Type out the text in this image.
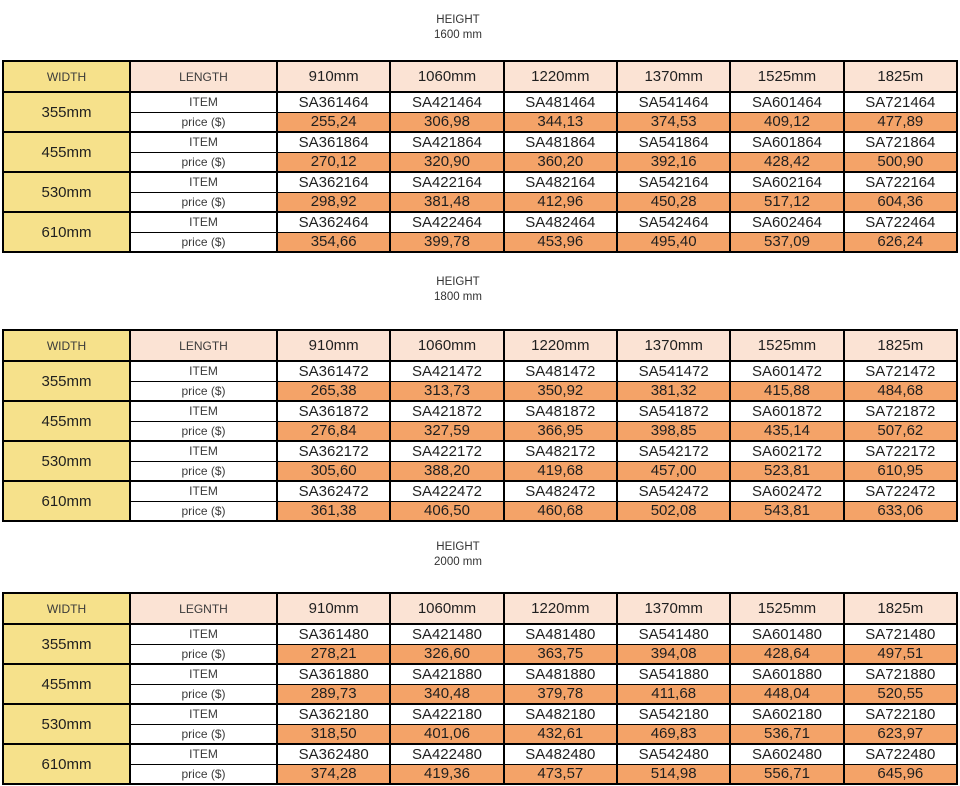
HEIGHT
1600 mm
WIDTH	LENGTH	910mm	1060mm	1220mm	1370mm	1525mm	1825m
355mm	ITEM	SA361464	SA421464	SA481464	SA541464	SA601464	SA721464
	price ($)	255,24	306,98	344,13	374,53	409,12	477,89
455mm	ITEM	SA361864	SA421864	SA481864	SA541864	SA601864	SA721864
	price ($)	270,12	320,90	360,20	392,16	428,42	500,90
530mm	ITEM	SA362164	SA422164	SA482164	SA542164	SA602164	SA722164
	price ($)	298,92	381,48	412,96	450,28	517,12	604,36
610mm	ITEM	SA362464	SA422464	SA482464	SA542464	SA602464	SA722464
	price ($)	354,66	399,78	453,96	495,40	537,09	626,24
HEIGHT
1800 mm
WIDTH	LENGTH	910mm	1060mm	1220mm	1370mm	1525mm	1825m
355mm	ITEM	SA361472	SA421472	SA481472	SA541472	SA601472	SA721472
	price ($)	265,38	313,73	350,92	381,32	415,88	484,68
455mm	ITEM	SA361872	SA421872	SA481872	SA541872	SA601872	SA721872
	price ($)	276,84	327,59	366,95	398,85	435,14	507,62
530mm	ITEM	SA362172	SA422172	SA482172	SA542172	SA602172	SA722172
	price ($)	305,60	388,20	419,68	457,00	523,81	610,95
610mm	ITEM	SA362472	SA422472	SA482472	SA542472	SA602472	SA722472
	price ($)	361,38	406,50	460,68	502,08	543,81	633,06
HEIGHT
2000 mm
WIDTH	LEGNTH	910mm	1060mm	1220mm	1370mm	1525mm	1825m
355mm	ITEM	SA361480	SA421480	SA481480	SA541480	SA601480	SA721480
	price ($)	278,21	326,60	363,75	394,08	428,64	497,51
455mm	ITEM	SA361880	SA421880	SA481880	SA541880	SA601880	SA721880
	price ($)	289,73	340,48	379,78	411,68	448,04	520,55
530mm	ITEM	SA362180	SA422180	SA482180	SA542180	SA602180	SA722180
	price ($)	318,50	401,06	432,61	469,83	536,71	623,97
610mm	ITEM	SA362480	SA422480	SA482480	SA542480	SA602480	SA722480
	price ($)	374,28	419,36	473,57	514,98	556,71	645,96
